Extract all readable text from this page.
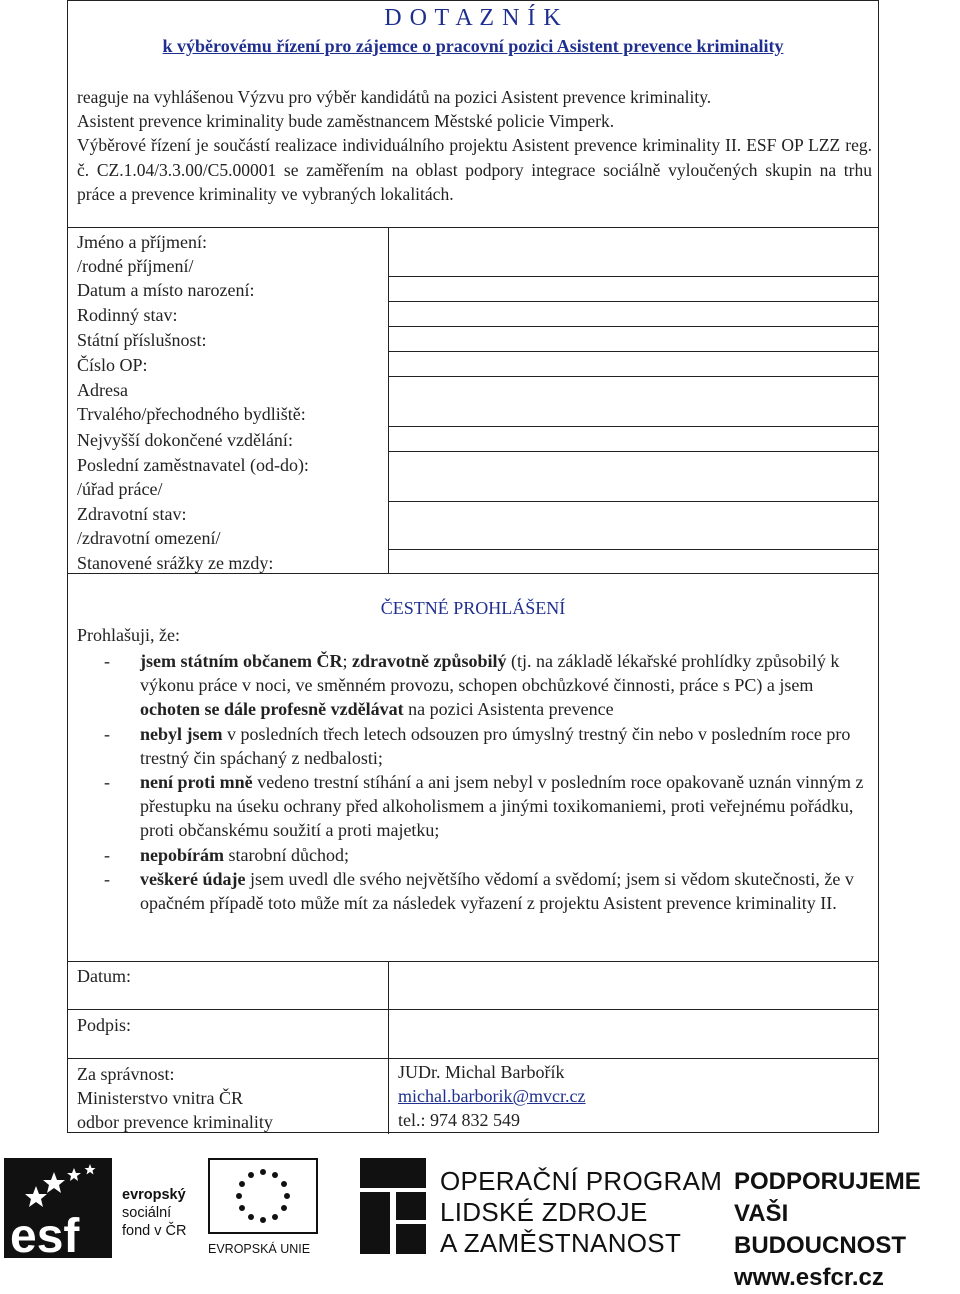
D O T A Z N Í K
k výběrovému řízení pro zájemce o pracovní pozici Asistent prevence kriminality

reaguje na vyhlášenou Výzvu pro výběr kandidátů na pozici Asistent prevence kriminality.

Asistent prevence kriminality bude zaměstnancem Městské policie Vimperk.

Výběrové řízení je součástí realizace individuálního projektu Asistent prevence kriminality II. ESF OP LZZ reg. č. CZ.1.04/3.3.00/C5.00001 se zaměřením na oblast podpory integrace sociálně vyloučených skupin na trhu práce a prevence kriminality ve vybraných lokalitách.

Jméno a příjmení:
/rodné příjmení/
Datum a místo narození:
Rodinný stav:
Státní příslušnost:
Číslo OP:
Adresa
Trvalého/přechodného bydliště:
Nejvyšší dokončené vzdělání:
Poslední zaměstnavatel (od-do):
/úřad práce/
Zdravotní stav:
/zdravotní omezení/
Stanovené srážky ze mzdy:
ČESTNÉ PROHLÁŠENÍ
Prohlašuji, že:
- jsem státním občanem ČR; zdravotně způsobilý (tj. na základě lékařské prohlídky způsobilý k výkonu práce v noci, ve směnném provozu, schopen obchůzkové činnosti, práce s PC) a jsem ochoten se dále profesně vzdělávat na pozici Asistenta prevence
- nebyl jsem v posledních třech letech odsouzen pro úmyslný trestný čin nebo v posledním roce pro trestný čin spáchaný z nedbalosti;
- není proti mně vedeno trestní stíhání a ani jsem nebyl v posledním roce opakovaně uznán vinným z přestupku na úseku ochrany před alkoholismem a jinými toxikomaniemi, proti veřejnému pořádku, proti občanskému soužití a proti majetku;
- nepobírám starobní důchod;
- veškeré údaje jsem uvedl dle svého největšího vědomí a svědomí; jsem si vědom skutečnosti, že v opačném případě toto může mít za následek vyřazení z projektu Asistent prevence kriminality II.
Datum:
Podpis:
Za správnost:
Ministerstvo vnitra ČR
odbor prevence kriminality
JUDr. Michal Barbořík
michal.barborik@mvcr.cz
tel.: 974 832 549
esf
evropský
sociální
fond v ČR
EVROPSKÁ UNIE
OPERAČNÍ PROGRAM
LIDSKÉ ZDROJE
A ZAMĚSTNANOST
PODPORUJEME
VAŠI BUDOUCNOST
www.esfcr.cz
